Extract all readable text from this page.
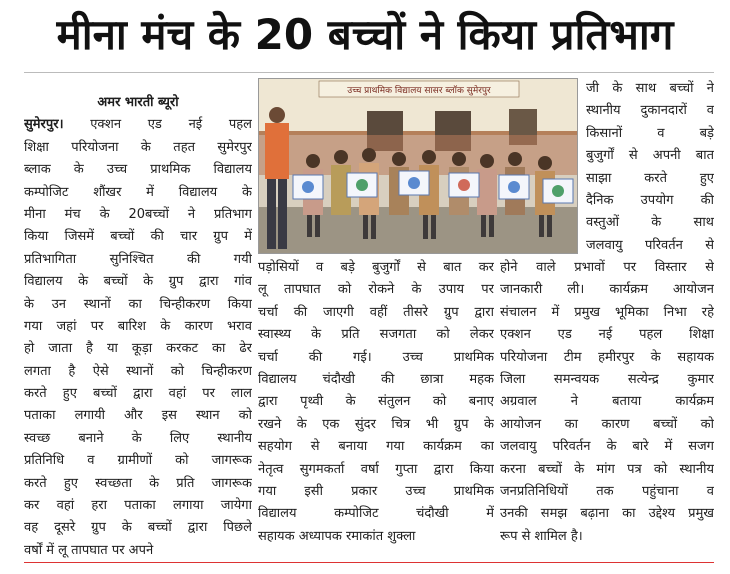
मीना मंच के 20 बच्चों ने किया प्रतिभाग
अमर भारती ब्यूरो
सुमेरपुर। एक्शन एड नई पहल
शिक्षा परियोजना के तहत सुमेरपुर
ब्लाक के उच्च प्राथमिक विद्यालय
कम्पोजिट शौंखर में विद्यालय के
मीना मंच के 20बच्चों ने प्रतिभाग
किया जिसमें बच्चों की चार ग्रुप में
प्रतिभागिता सुनिश्चित की गयी
विद्यालय के बच्चों के ग्रुप द्वारा गांव
के उन स्थानों का चिन्हीकरण किया
गया जहां पर बारिश के कारण भराव
हो जाता है या कूड़ा करकट का ढेर
लगता है ऐसे स्थानों को चिन्हीकरण
करते हुए बच्चों द्वारा वहां पर लाल
पताका लगायी और इस स्थान को
स्वच्छ बनाने के लिए स्थानीय
प्रतिनिधि व ग्रामीणों को जागरूक
करते हुए स्वच्छता के प्रति जागरूक
कर वहां हरा पताका लगाया जायेगा
वह दूसरे ग्रुप के बच्चों द्वारा पिछले
वर्षों में लू तापघात पर अपने
उच्च प्राथमिक विद्यालय सासर ब्लॉक सुमेरपुर	जी के साथ बच्चों ने
स्थानीय दुकानदारों व
किसानों व बड़े
बुजुर्गों से अपनी बात
साझा करते हुए
दैनिक उपयोग की
वस्तुओं के साथ
जलवायु परिवर्तन से
पड़ोसियों व बड़े बुजुर्गों से बात कर
लू तापघात को रोकने के उपाय पर
चर्चा की जाएगी वहीं तीसरे ग्रुप द्वारा
स्वास्थ्य के प्रति सजगता को लेकर
चर्चा की गई। उच्च प्राथमिक
विद्यालय चंदौखी की छात्रा महक
द्वारा पृथ्वी के संतुलन को बनाए
रखने के एक सुंदर चित्र भी ग्रुप के
सहयोग से बनाया गया कार्यक्रम का
नेतृत्व सुगमकर्ता वर्षा गुप्ता द्वारा किया
गया इसी प्रकार उच्च प्राथमिक
विद्यालय कम्पोजिट चंदौखी में
सहायक अध्यापक रमाकांत शुक्ला
होने वाले प्रभावों पर विस्तार से
जानकारी ली। कार्यक्रम आयोजन
संचालन में प्रमुख भूमिका निभा रहे
एक्शन एड नई पहल शिक्षा
परियोजना टीम हमीरपुर के सहायक
जिला समन्वयक सत्येन्द्र कुमार
अग्रवाल ने बताया कार्यक्रम
आयोजन का कारण बच्चों को
जलवायु परिवर्तन के बारे में सजग
करना बच्चों के मांग पत्र को स्थानीय
जनप्रतिनिधियों तक पहुंचाना व
उनकी समझ बढ़ाना का उद्देश्य प्रमुख
रूप से शामिल है।
